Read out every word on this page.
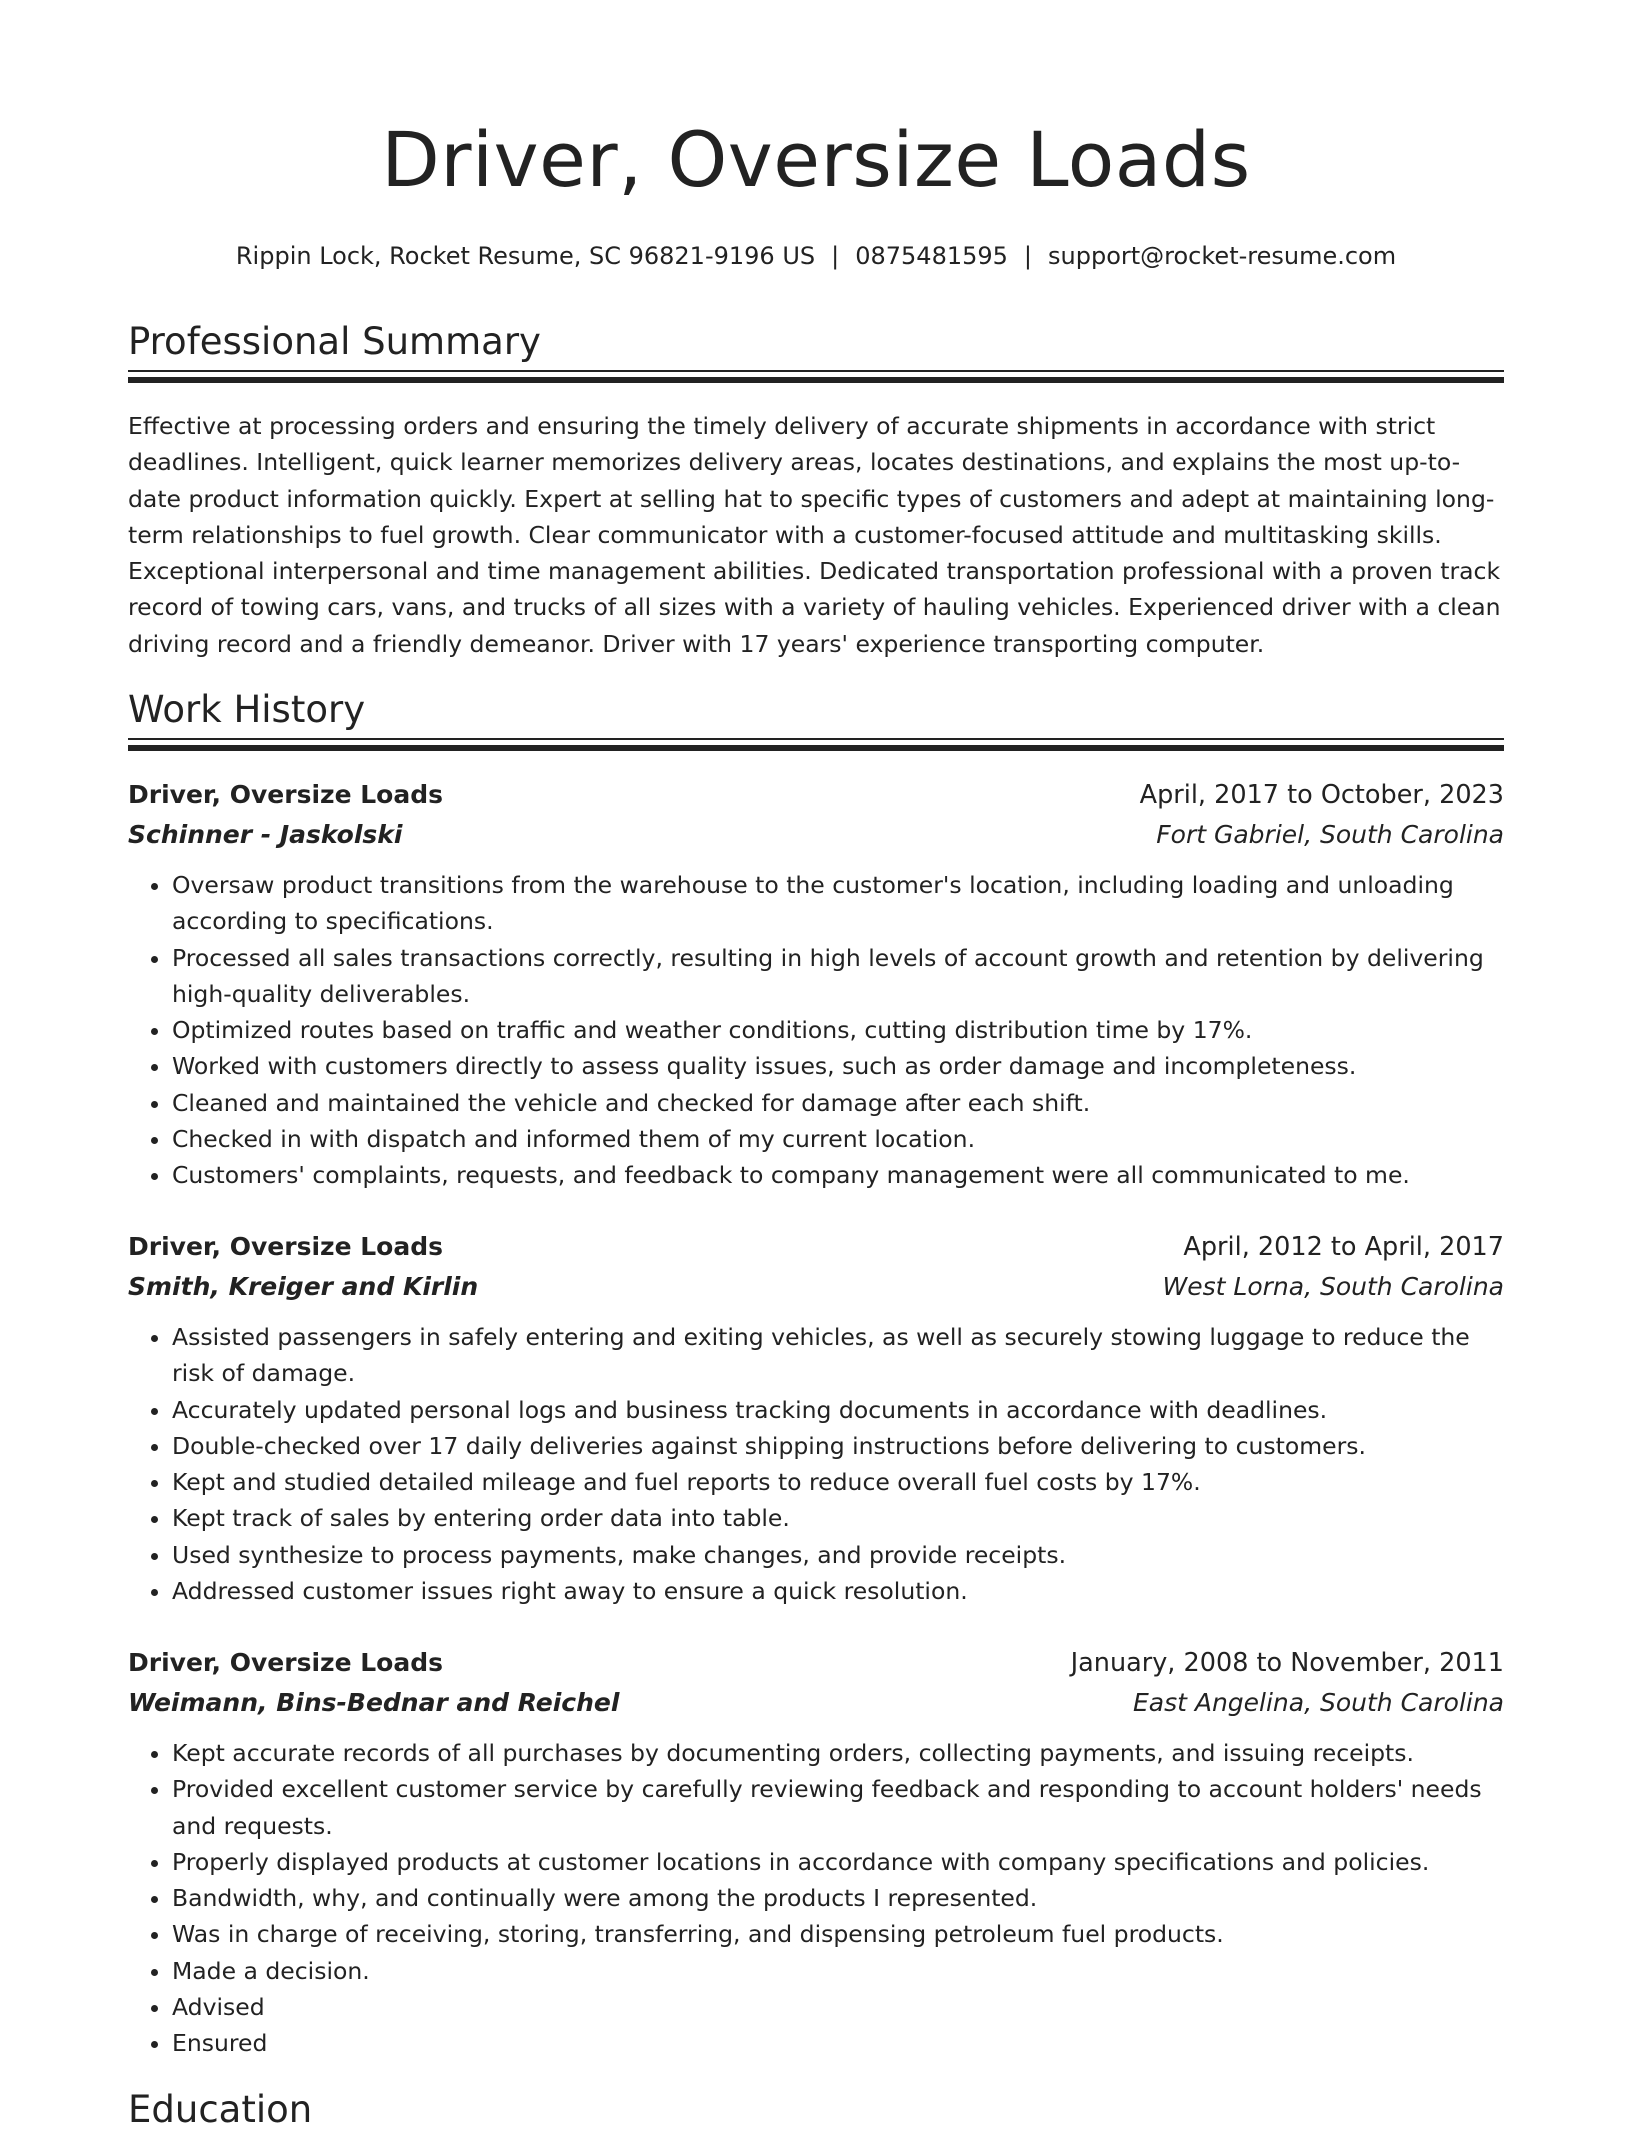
Driver, Oversize Loads
Rippin Lock, Rocket Resume, SC 96821-9196 US | 0875481595 | support@rocket-resume.com
Professional Summary

Effective at processing orders and ensuring the timely delivery of accurate shipments in accordance with strict deadlines. Intelligent, quick learner memorizes delivery areas, locates destinations, and explains the most up-to-date product information quickly. Expert at selling hat to specific types of customers and adept at maintaining long-term relationships to fuel growth. Clear communicator with a customer-focused attitude and multitasking skills. Exceptional interpersonal and time management abilities. Dedicated transportation professional with a proven track record of towing cars, vans, and trucks of all sizes with a variety of hauling vehicles. Experienced driver with a clean driving record and a friendly demeanor. Driver with 17 years' experience transporting computer.

Work History
Driver, Oversize Loads	April, 2017 to October, 2023
Schinner - Jaskolski	Fort Gabriel, South Carolina
• Oversaw product transitions from the warehouse to the customer's location, including loading and unloading according to specifications.
• Processed all sales transactions correctly, resulting in high levels of account growth and retention by delivering high-quality deliverables.
• Optimized routes based on traffic and weather conditions, cutting distribution time by 17%.
• Worked with customers directly to assess quality issues, such as order damage and incompleteness.
• Cleaned and maintained the vehicle and checked for damage after each shift.
• Checked in with dispatch and informed them of my current location.
• Customers' complaints, requests, and feedback to company management were all communicated to me.
Driver, Oversize Loads	April, 2012 to April, 2017
Smith, Kreiger and Kirlin	West Lorna, South Carolina
• Assisted passengers in safely entering and exiting vehicles, as well as securely stowing luggage to reduce the risk of damage.
• Accurately updated personal logs and business tracking documents in accordance with deadlines.
• Double-checked over 17 daily deliveries against shipping instructions before delivering to customers.
• Kept and studied detailed mileage and fuel reports to reduce overall fuel costs by 17%.
• Kept track of sales by entering order data into table.
• Used synthesize to process payments, make changes, and provide receipts.
• Addressed customer issues right away to ensure a quick resolution.
Driver, Oversize Loads	January, 2008 to November, 2011
Weimann, Bins-Bednar and Reichel	East Angelina, South Carolina
• Kept accurate records of all purchases by documenting orders, collecting payments, and issuing receipts.
• Provided excellent customer service by carefully reviewing feedback and responding to account holders' needs and requests.
• Properly displayed products at customer locations in accordance with company specifications and policies.
• Bandwidth, why, and continually were among the products I represented.
• Was in charge of receiving, storing, transferring, and dispensing petroleum fuel products.
• Made a decision.
• Advised
• Ensured
Education
